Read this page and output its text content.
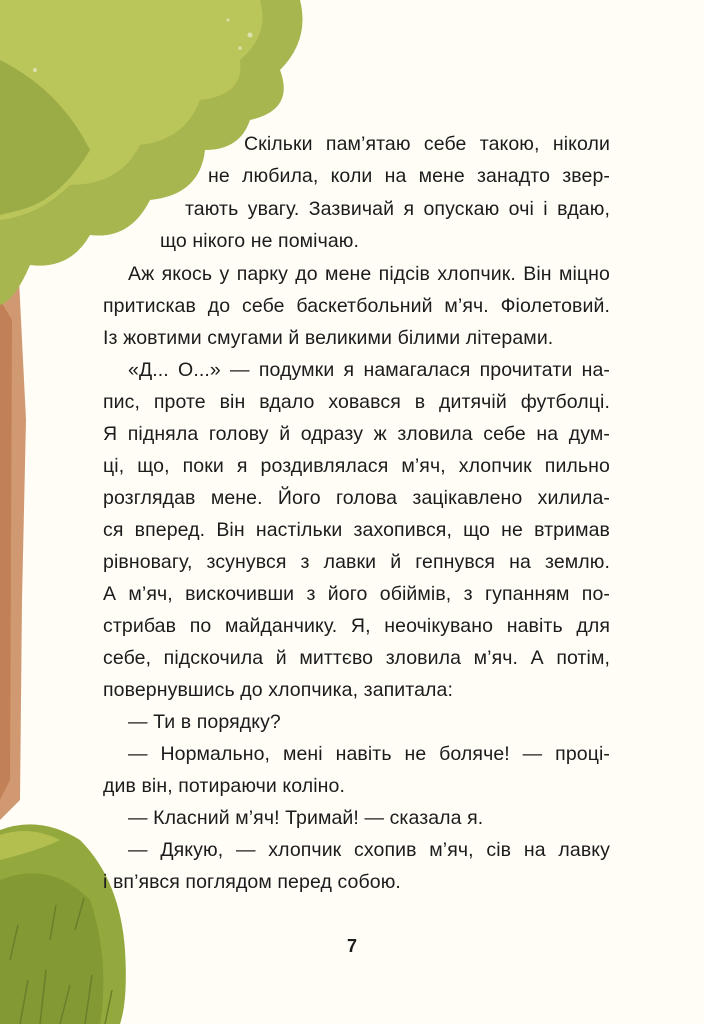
Скільки пам’ятаю себе такою, ніколи
не любила, коли на мене занадто звер-
тають увагу. Зазвичай я опускаю очі і вдаю,
що нікого не помічаю.
Аж якось у парку до мене підсів хлопчик. Він міцно
притискав до себе баскетбольний м’яч. Фіолетовий.
Із жовтими смугами й великими білими літерами.
«Д... О...» — подумки я намагалася прочитати на-
пис, проте він вдало ховався в дитячій футболці.
Я підняла голову й одразу ж зловила себе на дум-
ці, що, поки я роздивлялася м’яч, хлопчик пильно
розглядав мене. Його голова зацікавлено хилила-
ся вперед. Він настільки захопився, що не втримав
рівновагу, зсунувся з лавки й гепнувся на землю.
А м’яч, вискочивши з його обіймів, з гупанням по-
стрибав по майданчику. Я, неочікувано навіть для
себе, підскочила й миттєво зловила м’яч. А потім,
повернувшись до хлопчика, запитала:
— Ти в порядку?
— Нормально, мені навіть не боляче! — проці-
див він, потираючи коліно.
— Класний м’яч! Тримай! — сказала я.
— Дякую, — хлопчик схопив м’яч, сів на лавку
і вп’явся поглядом перед собою.
7
